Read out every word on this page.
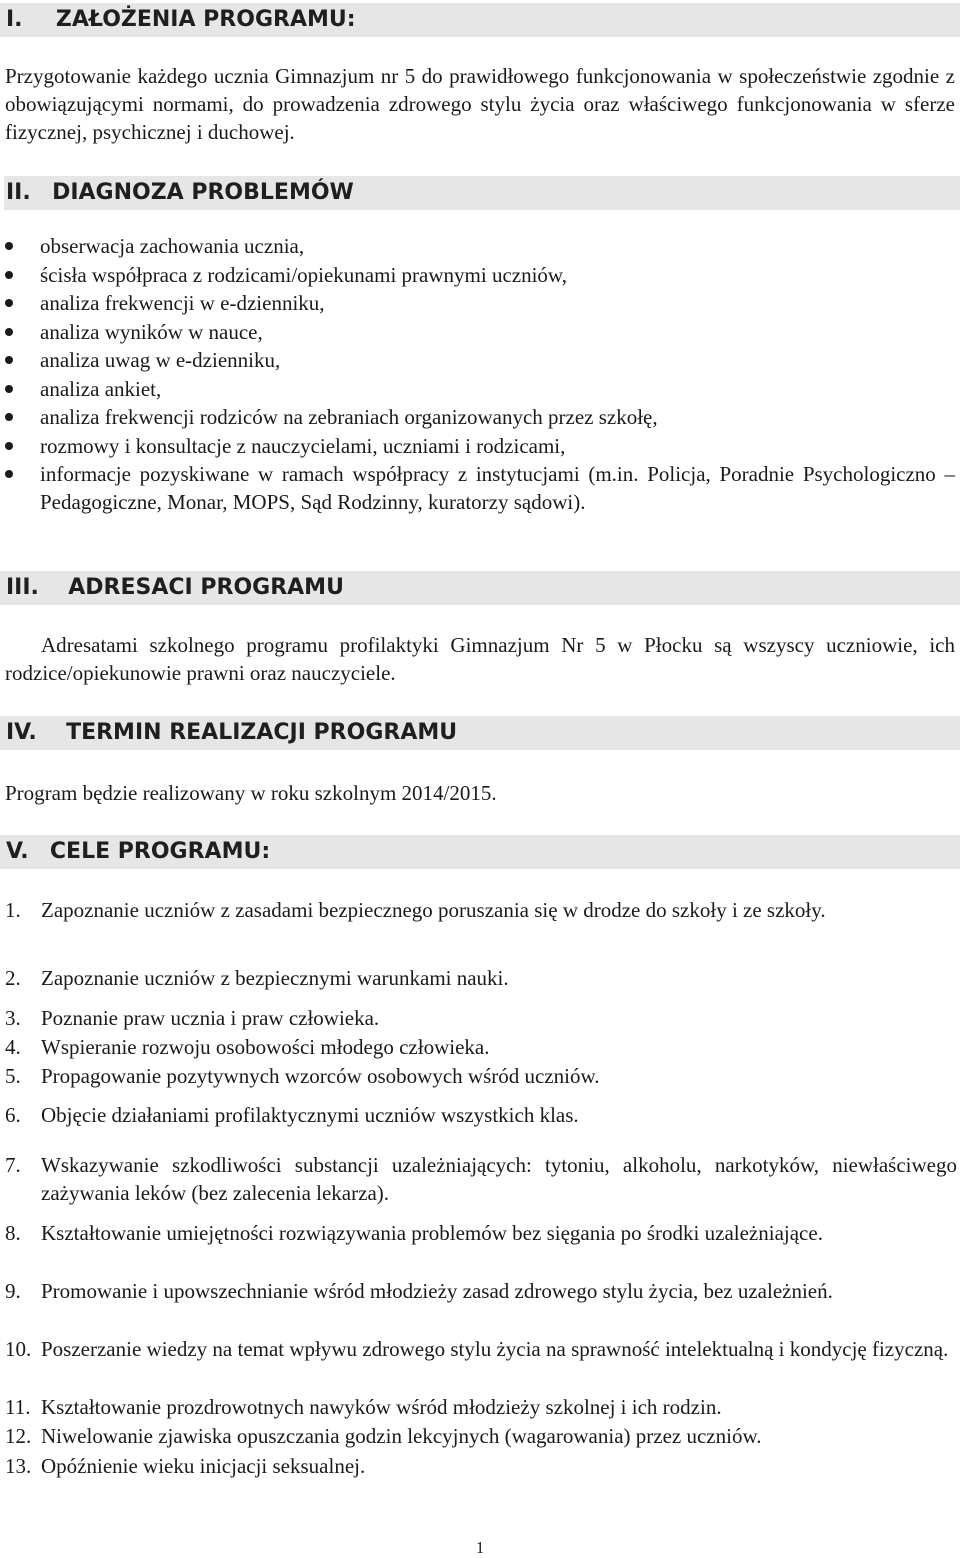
I. ZAŁOŻENIA PROGRAMU:

Przygotowanie każdego ucznia Gimnazjum nr 5 do prawidłowego funkcjonowania w społeczeństwie zgodnie z obowiązującymi normami, do prowadzenia zdrowego stylu życia oraz właściwego funkcjonowania w sferze fizycznej, psychicznej i duchowej.

II. DIAGNOZA PROBLEMÓW
obserwacja zachowania ucznia,
ścisła współpraca z rodzicami/opiekunami prawnymi uczniów,
analiza frekwencji w e-dzienniku,
analiza wyników w nauce,
analiza uwag w e-dzienniku,
analiza ankiet,
analiza frekwencji rodziców na zebraniach organizowanych przez szkołę,
rozmowy i konsultacje z nauczycielami, uczniami i rodzicami,
informacje pozyskiwane w ramach współpracy z instytucjami (m.in. Policja, Poradnie Psychologiczno – Pedagogiczne, Monar, MOPS, Sąd Rodzinny, kuratorzy sądowi).
III. ADRESACI PROGRAMU

Adresatami szkolnego programu profilaktyki Gimnazjum Nr 5 w Płocku są wszyscy uczniowie, ich rodzice/opiekunowie prawni oraz nauczyciele.

IV. TERMIN REALIZACJI PROGRAMU

Program będzie realizowany w roku szkolnym 2014/2015.

V. CELE PROGRAMU:
1. Zapoznanie uczniów z zasadami bezpiecznego poruszania się w drodze do szkoły i ze szkoły.
2. Zapoznanie uczniów z bezpiecznymi warunkami nauki.
3. Poznanie praw ucznia i praw człowieka.
4. Wspieranie rozwoju osobowości młodego człowieka.
5. Propagowanie pozytywnych wzorców osobowych wśród uczniów.
6. Objęcie działaniami profilaktycznymi uczniów wszystkich klas.
7. Wskazywanie szkodliwości substancji uzależniających: tytoniu, alkoholu, narkotyków, niewłaściwego zażywania leków (bez zalecenia lekarza).
8. Kształtowanie umiejętności rozwiązywania problemów bez sięgania po środki uzależniające.
9. Promowanie i upowszechnianie wśród młodzieży zasad zdrowego stylu życia, bez uzależnień.
10. Poszerzanie wiedzy na temat wpływu zdrowego stylu życia na sprawność intelektualną i kondycję fizyczną.
11. Kształtowanie prozdrowotnych nawyków wśród młodzieży szkolnej i ich rodzin.
12. Niwelowanie zjawiska opuszczania godzin lekcyjnych (wagarowania) przez uczniów.
13. Opóźnienie wieku inicjacji seksualnej.
1
